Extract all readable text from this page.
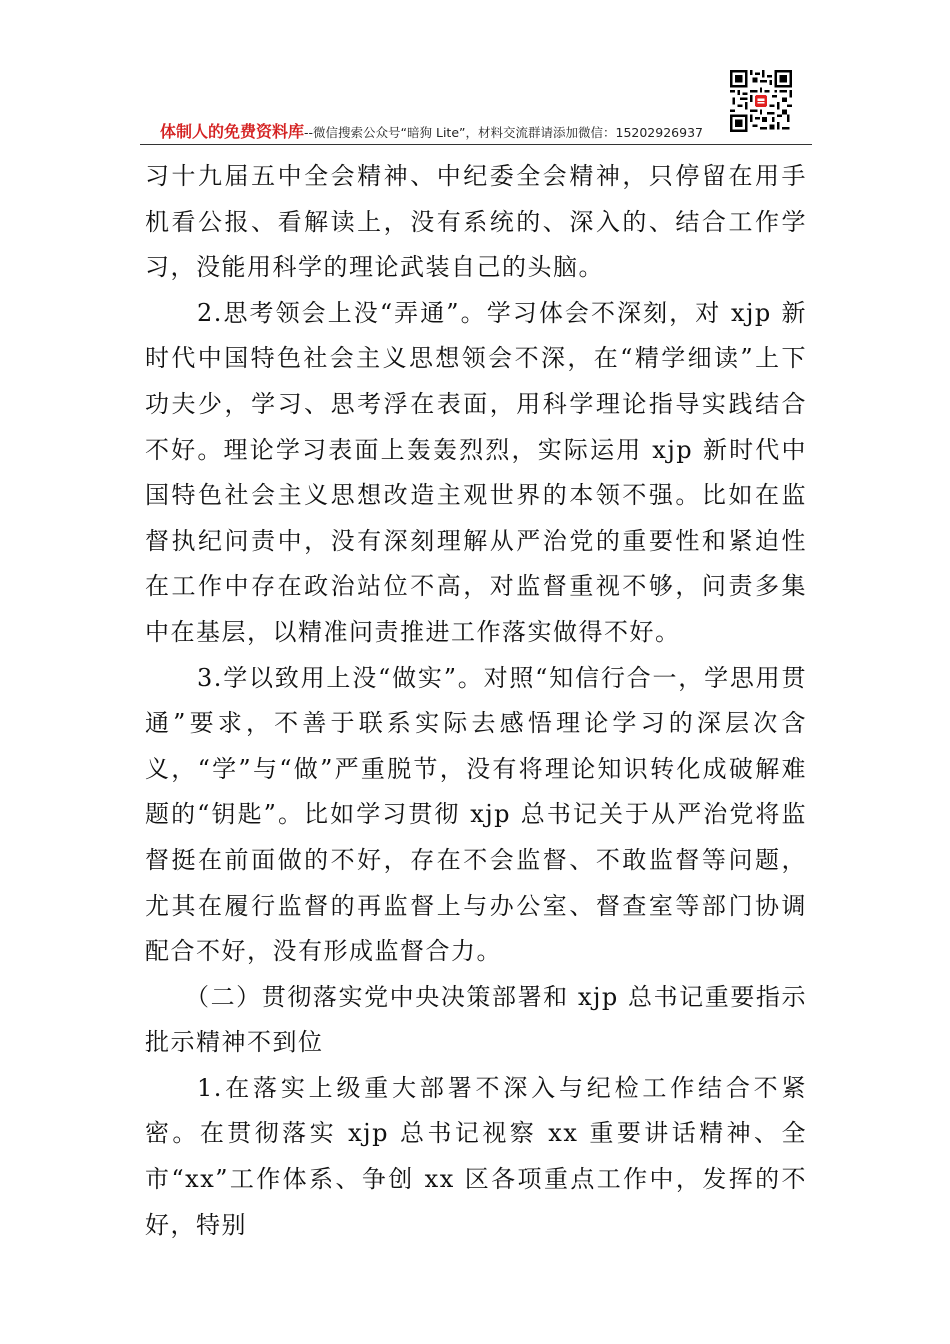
体制人的免费资料库--微信搜索公众号“暗狗 Lite”，材料交流群请添加微信：15202926937

习十九届五中全会精神、中纪委全会精神，只停留在用手机看公报、看解读上，没有系统的、深入的、结合工作学习，没能用科学的理论武装自己的头脑。

2.思考领会上没“弄通”。学习体会不深刻，对 xjp 新时代中国特色社会主义思想领会不深，在“精学细读”上下功夫少，学习、思考浮在表面，用科学理论指导实践结合不好。理论学习表面上轰轰烈烈，实际运用 xjp 新时代中国特色社会主义思想改造主观世界的本领不强。比如在监督执纪问责中，没有深刻理解从严治党的重要性和紧迫性在工作中存在政治站位不高，对监督重视不够，问责多集中在基层，以精准问责推进工作落实做得不好。

3.学以致用上没“做实”。对照“知信行合一，学思用贯通”要求，不善于联系实际去感悟理论学习的深层次含义，“学”与“做”严重脱节，没有将理论知识转化成破解难题的“钥匙”。比如学习贯彻 xjp 总书记关于从严治党将监督挺在前面做的不好，存在不会监督、不敢监督等问题，尤其在履行监督的再监督上与办公室、督查室等部门协调配合不好，没有形成监督合力。

（二）贯彻落实党中央决策部署和 xjp 总书记重要指示批示精神不到位

1.在落实上级重大部署不深入与纪检工作结合不紧密。在贯彻落实 xjp 总书记视察 xx 重要讲话精神、全市“xx”工作体系、争创 xx 区各项重点工作中，发挥的不好，特别
